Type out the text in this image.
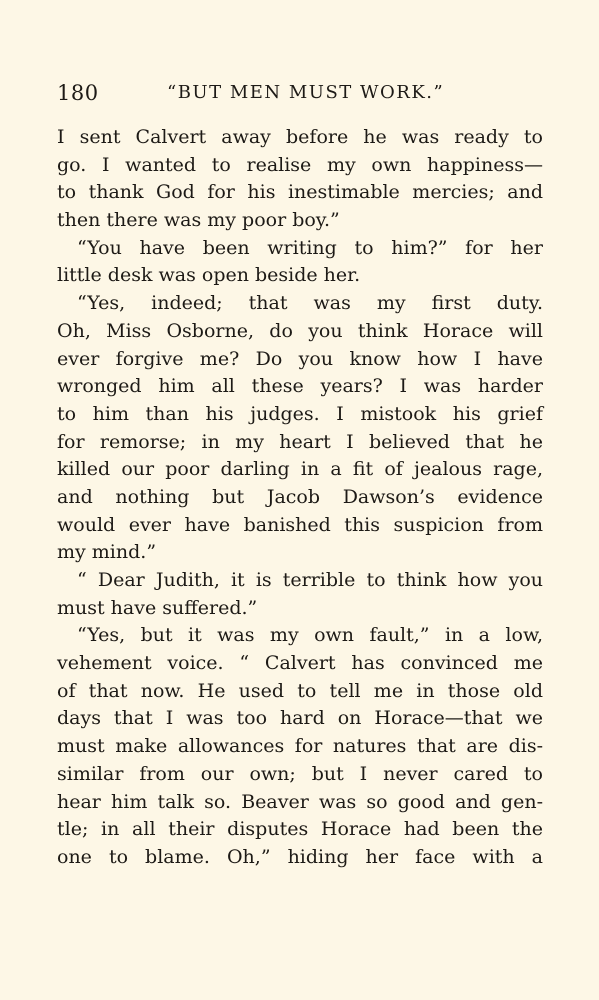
180	“BUT MEN MUST WORK.”
I sent Calvert away before he was ready to
go. I wanted to realise my own happiness—
to thank God for his inestimable mercies; and
then there was my poor boy.”
“You have been writing to him?” for her
little desk was open beside her.
“Yes, indeed; that was my first duty.
Oh, Miss Osborne, do you think Horace will
ever forgive me? Do you know how I have
wronged him all these years? I was harder
to him than his judges. I mistook his grief
for remorse; in my heart I believed that he
killed our poor darling in a fit of jealous rage,
and nothing but Jacob Dawson’s evidence
would ever have banished this suspicion from
my mind.”
“ Dear Judith, it is terrible to think how you
must have suffered.”
“Yes, but it was my own fault,” in a low,
vehement voice. “ Calvert has convinced me
of that now. He used to tell me in those old
days that I was too hard on Horace—that we
must make allowances for natures that are dis-
similar from our own; but I never cared to
hear him talk so. Beaver was so good and gen-
tle; in all their disputes Horace had been the
one to blame. Oh,” hiding her face with a
